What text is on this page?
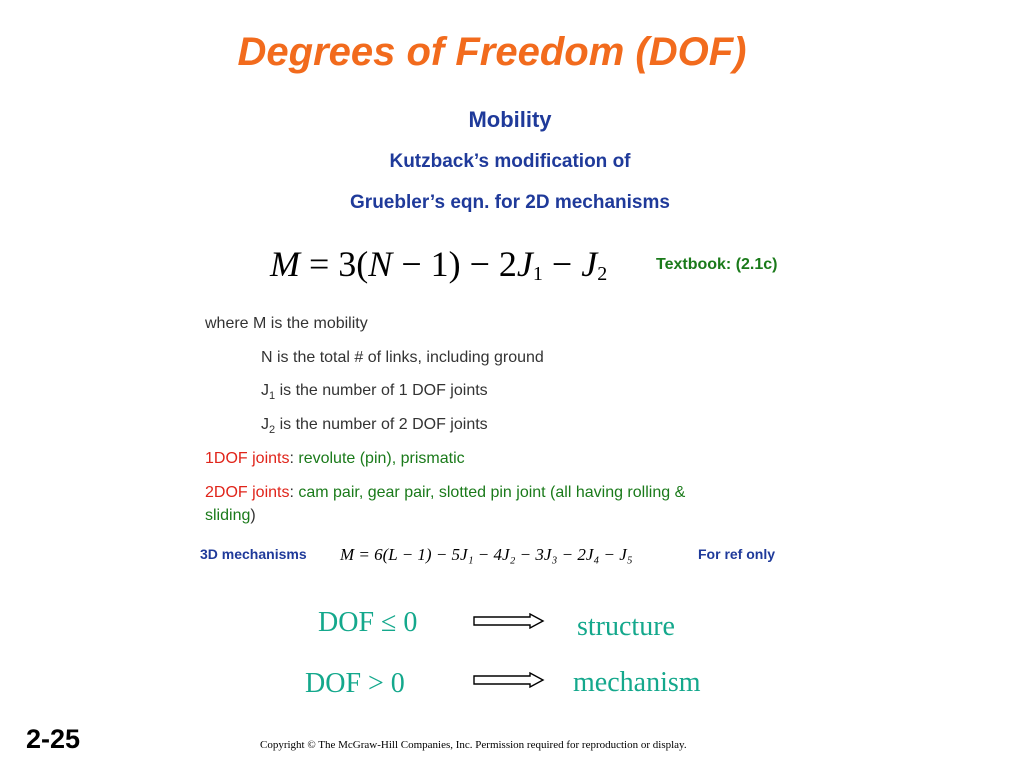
Degrees of Freedom (DOF)
Mobility
Kutzback’s modification of
Gruebler’s eqn. for 2D mechanisms
$M = 3(N - 1) - 2J_1 - J_2$	Textbook: (2.1c)
where M is the mobility
N is the total # of links, including ground
$J_1$ is the number of 1 DOF joints
$J_2$ is the number of 2 DOF joints
1DOF joints: revolute (pin), prismatic
2DOF joints: cam pair, gear pair, slotted pin joint (all having rolling &
sliding)
3D mechanisms M = 6(L − 1) − 5J₁ − 4J₂ − 3J₃ − 2J₄ − J₅	For ref only
DOF ≤ 0	structure
DOF > 0	mechanism
2-25	Copyright © The McGraw-Hill Companies, Inc. Permission required for reproduction or display.
